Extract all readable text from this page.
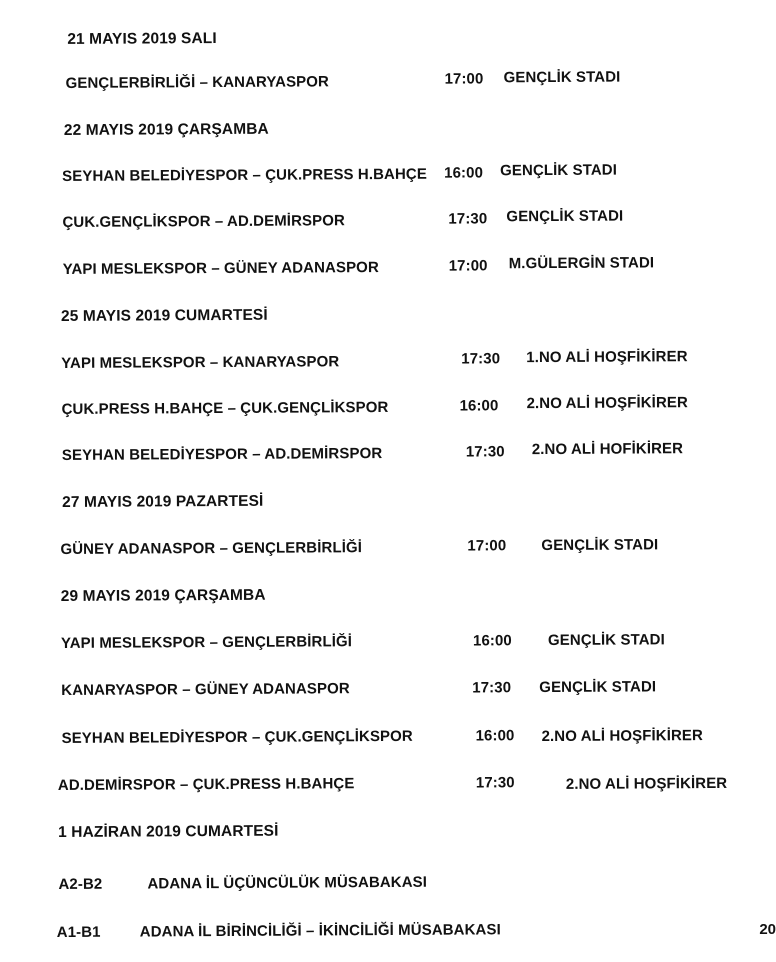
21 MAYIS 2019 SALI
GENÇLERBİRLİĞİ – KANARYASPOR	17:00 GENÇLİK STADI
22 MAYIS 2019 ÇARŞAMBA
SEYHAN BELEDİYESPOR – ÇUK.PRESS H.BAHÇE 16:00 GENÇLİK STADI
ÇUK.GENÇLİKSPOR – AD.DEMİRSPOR	17:30 GENÇLİK STADI
YAPI MESLEKSPOR – GÜNEY ADANASPOR	17:00 M.GÜLERGİN STADI
25 MAYIS 2019 CUMARTESİ
YAPI MESLEKSPOR – KANARYASPOR	17:30 1.NO ALİ HOŞFİKİRER
ÇUK.PRESS H.BAHÇE – ÇUK.GENÇLİKSPOR	16:00 2.NO ALİ HOŞFİKİRER
SEYHAN BELEDİYESPOR – AD.DEMİRSPOR	17:30 2.NO ALİ HOFİKİRER
27 MAYIS 2019 PAZARTESİ
GÜNEY ADANASPOR – GENÇLERBİRLİĞİ	17:00 GENÇLİK STADI
29 MAYIS 2019 ÇARŞAMBA
YAPI MESLEKSPOR – GENÇLERBİRLİĞİ	16:00 GENÇLİK STADI
KANARYASPOR – GÜNEY ADANASPOR	17:30 GENÇLİK STADI
SEYHAN BELEDİYESPOR – ÇUK.GENÇLİKSPOR	16:00 2.NO ALİ HOŞFİKİRER
AD.DEMİRSPOR – ÇUK.PRESS H.BAHÇE	17:30	2.NO ALİ HOŞFİKİRER
1 HAZİRAN 2019 CUMARTESİ
A2-B2	ADANA İL ÜÇÜNCÜLÜK MÜSABAKASI
A1-B1	ADANA İL BİRİNCİLİĞİ – İKİNCİLİĞİ MÜSABAKASI	20
